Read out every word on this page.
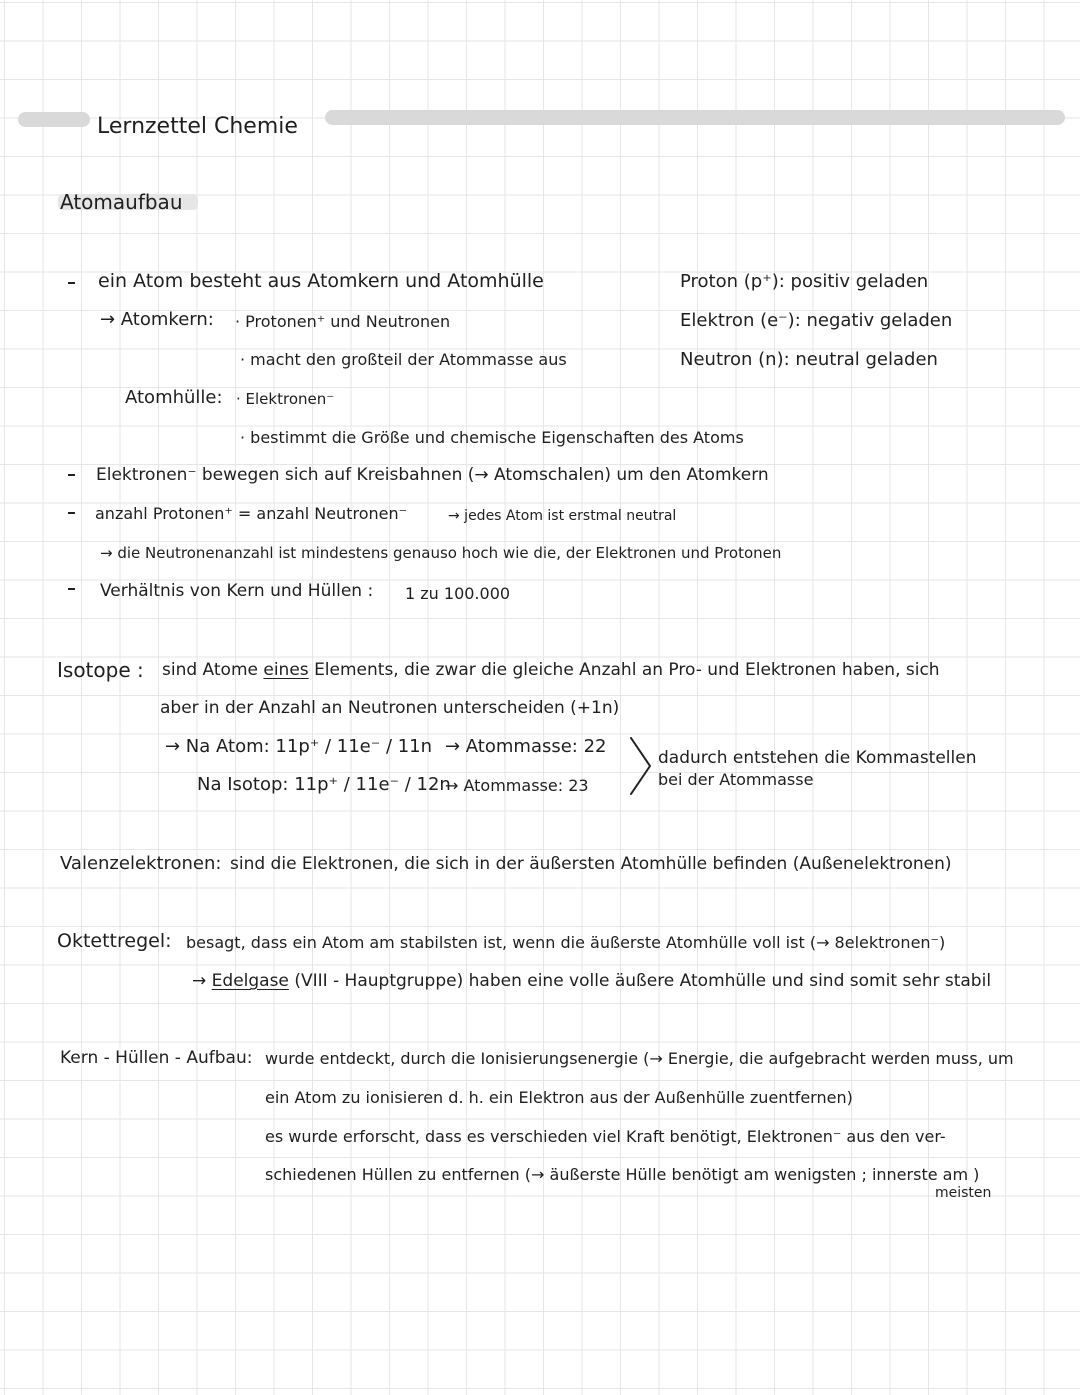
Lernzettel Chemie
Atomaufbau
ein Atom besteht aus Atomkern und Atomhülle
→ Atomkern: · Protonen⁺ und Neutronen
· macht den großteil der Atommasse aus
Atomhülle: · Elektronen⁻
· bestimmt die Größe und chemische Eigenschaften des Atoms
Proton (p⁺): positiv geladen
Elektron (e⁻): negativ geladen
Neutron (n): neutral geladen
Elektronen⁻ bewegen sich auf Kreisbahnen (→ Atomschalen) um den Atomkern
anzahl Protonen⁺ = anzahl Neutronen⁻	→ jedes Atom ist erstmal neutral
→ die Neutronenanzahl ist mindestens genauso hoch wie die, der Elektronen und Protonen
Verhältnis von Kern und Hüllen : 1 zu 100.000
Isotope : sind Atome eines Elements, die zwar die gleiche Anzahl an Pro- und Elektronen haben, sich
aber in der Anzahl an Neutronen unterscheiden (+1n)
→ Na Atom: 11p⁺ / 11e⁻ / 11n → Atommasse: 22
Na Isotop: 11p⁺ / 11e⁻ / 12n
→ Atommasse: 23
dadurch entstehen die Kommastellen
bei der Atommasse
Valenzelektronen: sind die Elektronen, die sich in der äußersten Atomhülle befinden (Außenelektronen)
Oktettregel: besagt, dass ein Atom am stabilsten ist, wenn die äußerste Atomhülle voll ist (→ 8elektronen⁻)
→ Edelgase (VIII - Hauptgruppe) haben eine volle äußere Atomhülle und sind somit sehr stabil
Kern - Hüllen - Aufbau: wurde entdeckt, durch die Ionisierungsenergie (→ Energie, die aufgebracht werden muss, um
ein Atom zu ionisieren d. h. ein Elektron aus der Außenhülle zuentfernen)
es wurde erforscht, dass es verschieden viel Kraft benötigt, Elektronen⁻ aus den ver-
schiedenen Hüllen zu entfernen (→ äußerste Hülle benötigt am wenigsten ; innerste am )
meisten
